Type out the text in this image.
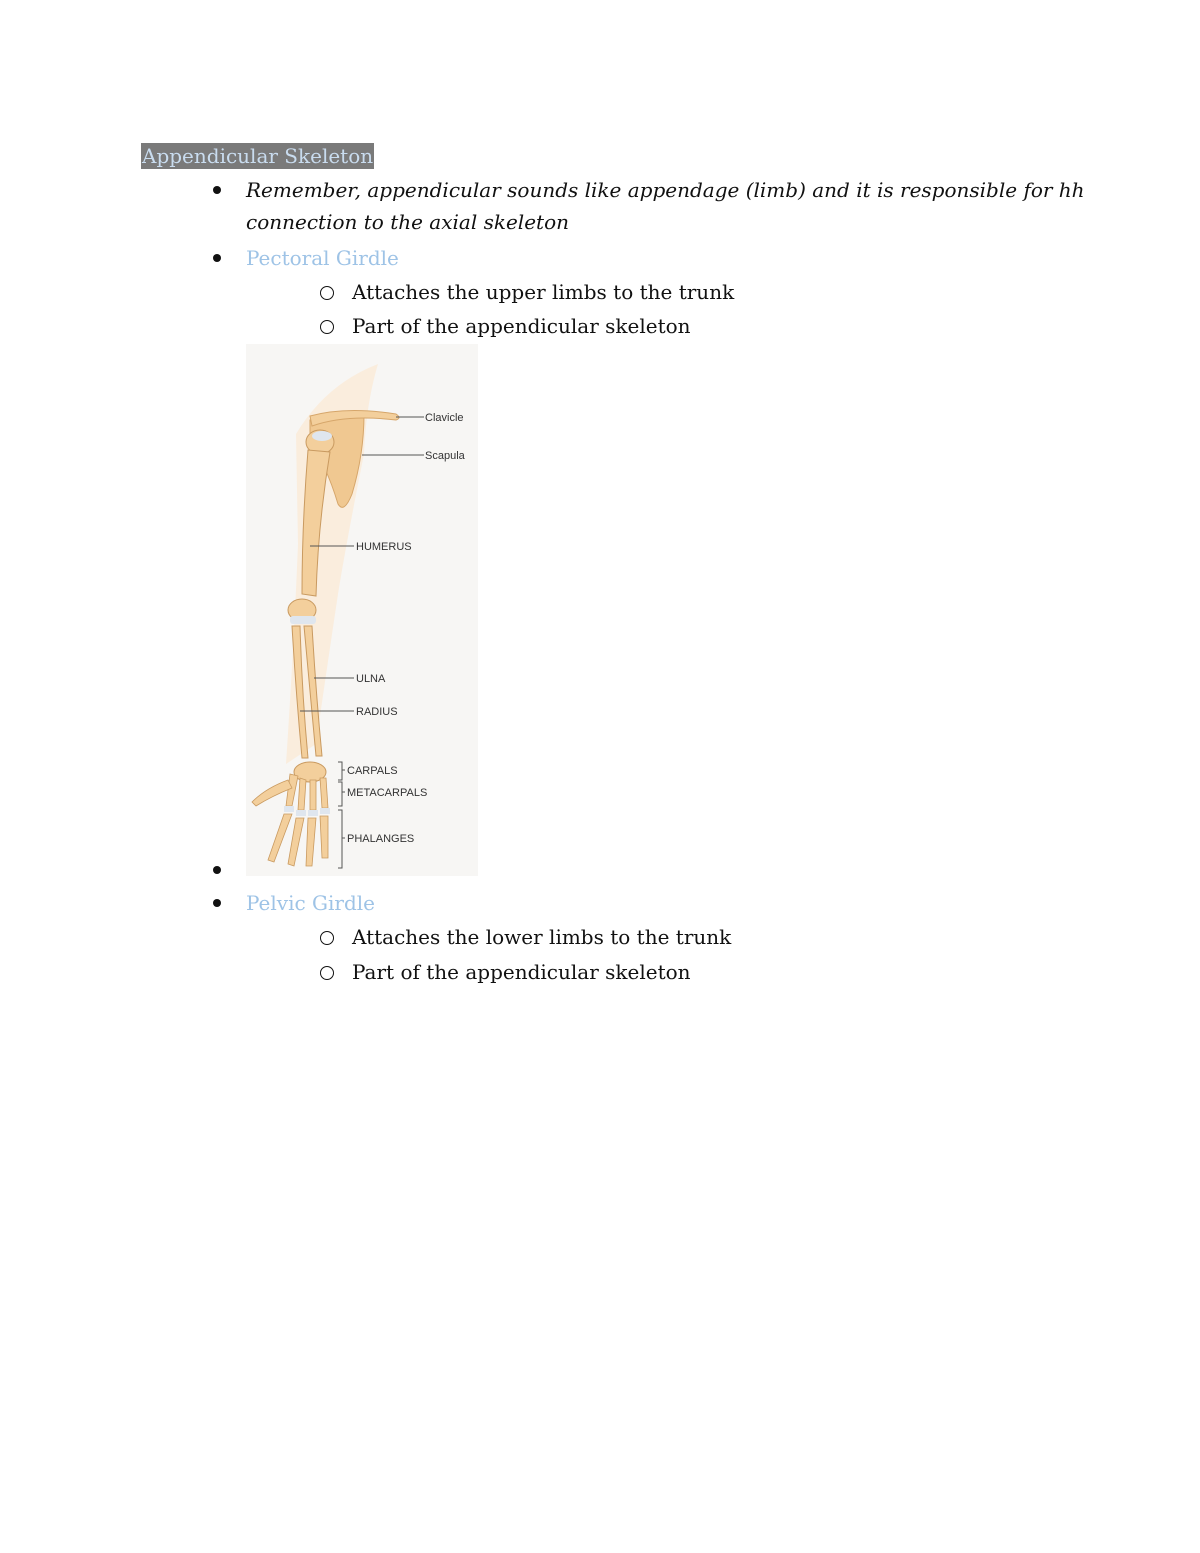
Appendicular Skeleton
Remember, appendicular sounds like appendage (limb) and it is responsible for hh
connection to the axial skeleton
Pectoral Girdle
Attaches the upper limbs to the trunk
Part of the appendicular skeleton
Clavicle
Scapula
HUMERUS
ULNA
RADIUS
CARPALS
METACARPALS
PHALANGES
Pelvic Girdle
Attaches the lower limbs to the trunk
Part of the appendicular skeleton
